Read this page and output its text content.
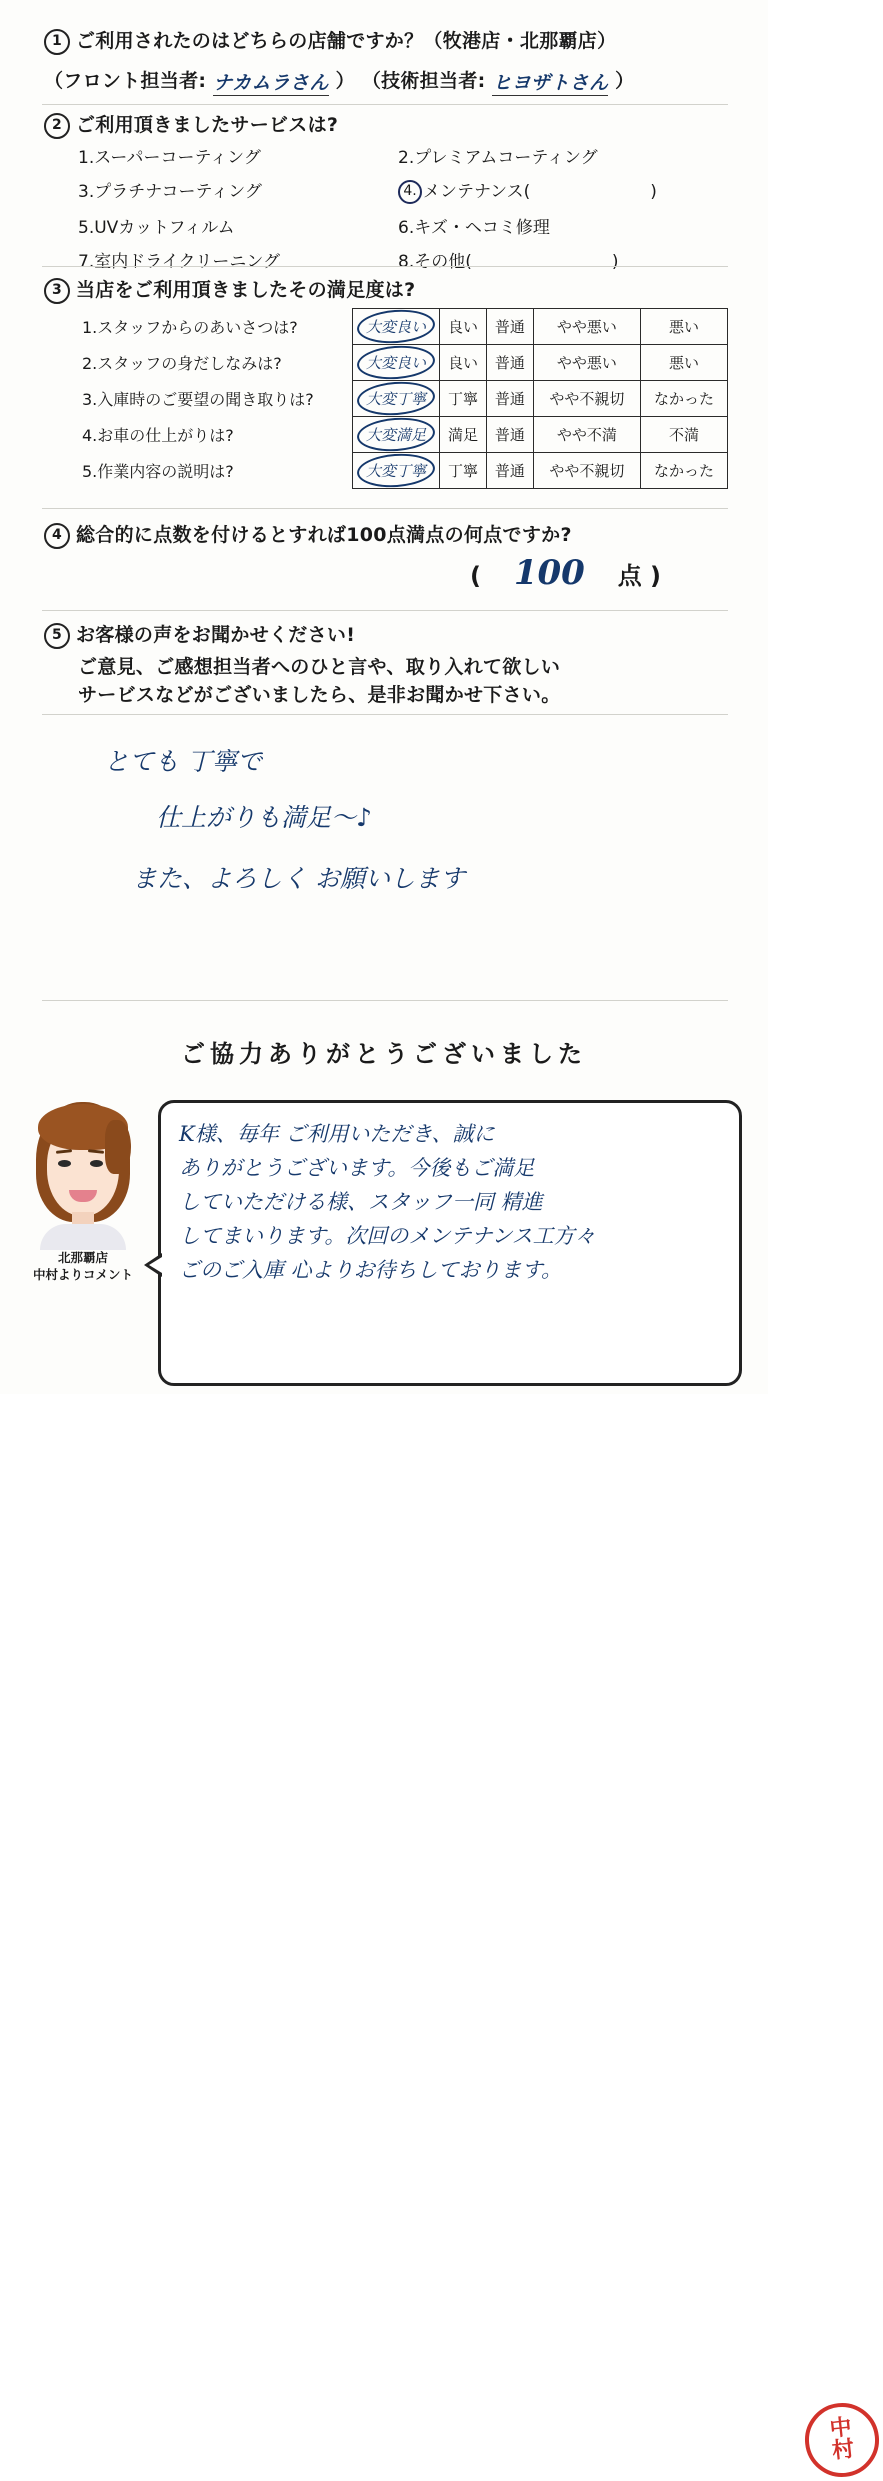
1 ご利用されたのはどちらの店舗ですか？（牧港店・北那覇店）
（フロント担当者: ナカムラさん ） （技術担当者: ヒヨザトさん ）
2 ご利用頂きましたサービスは?
1.スーパーコーティング	2.プレミアムコーティング
3.プラチナコーティング	4. メンテナンス(	)
5.UVカットフィルム	6.キズ・ヘコミ修理
7.室内ドライクリーニング	8.その他(	)
3 当店をご利用頂きましたその満足度は?
1.スタッフからのあいさつは?	大変良い	良い	普通	やや悪い	悪い
2.スタッフの身だしなみは?	大変良い	良い	普通	やや悪い	悪い
3.入庫時のご要望の聞き取りは?	大変丁寧	丁寧	普通	やや不親切	なかった
4.お車の仕上がりは?	大変満足	満足	普通	やや不満	不満
5.作業内容の説明は?	大変丁寧	丁寧	普通	やや不親切	なかった
4 総合的に点数を付けるとすれば100点満点の何点ですか?
( 100 点 )
5 お客様の声をお聞かせください!
ご意見、ご感想担当者へのひと言や、取り入れて欲しい
サービスなどがございましたら、是非お聞かせ下さい。
とても 丁寧で
仕上がりも満足～♪
また、よろしく お願いします
ご協力ありがとうございました
北那覇店
中村よりコメント
K様、毎年 ご利用いただき、誠に
ありがとうございます。今後もご満足
していただける様、スタッフ一同 精進
してまいります。次回のメンテナンス工方々
ごのご入庫 心よりお待ちしております。
中
村
